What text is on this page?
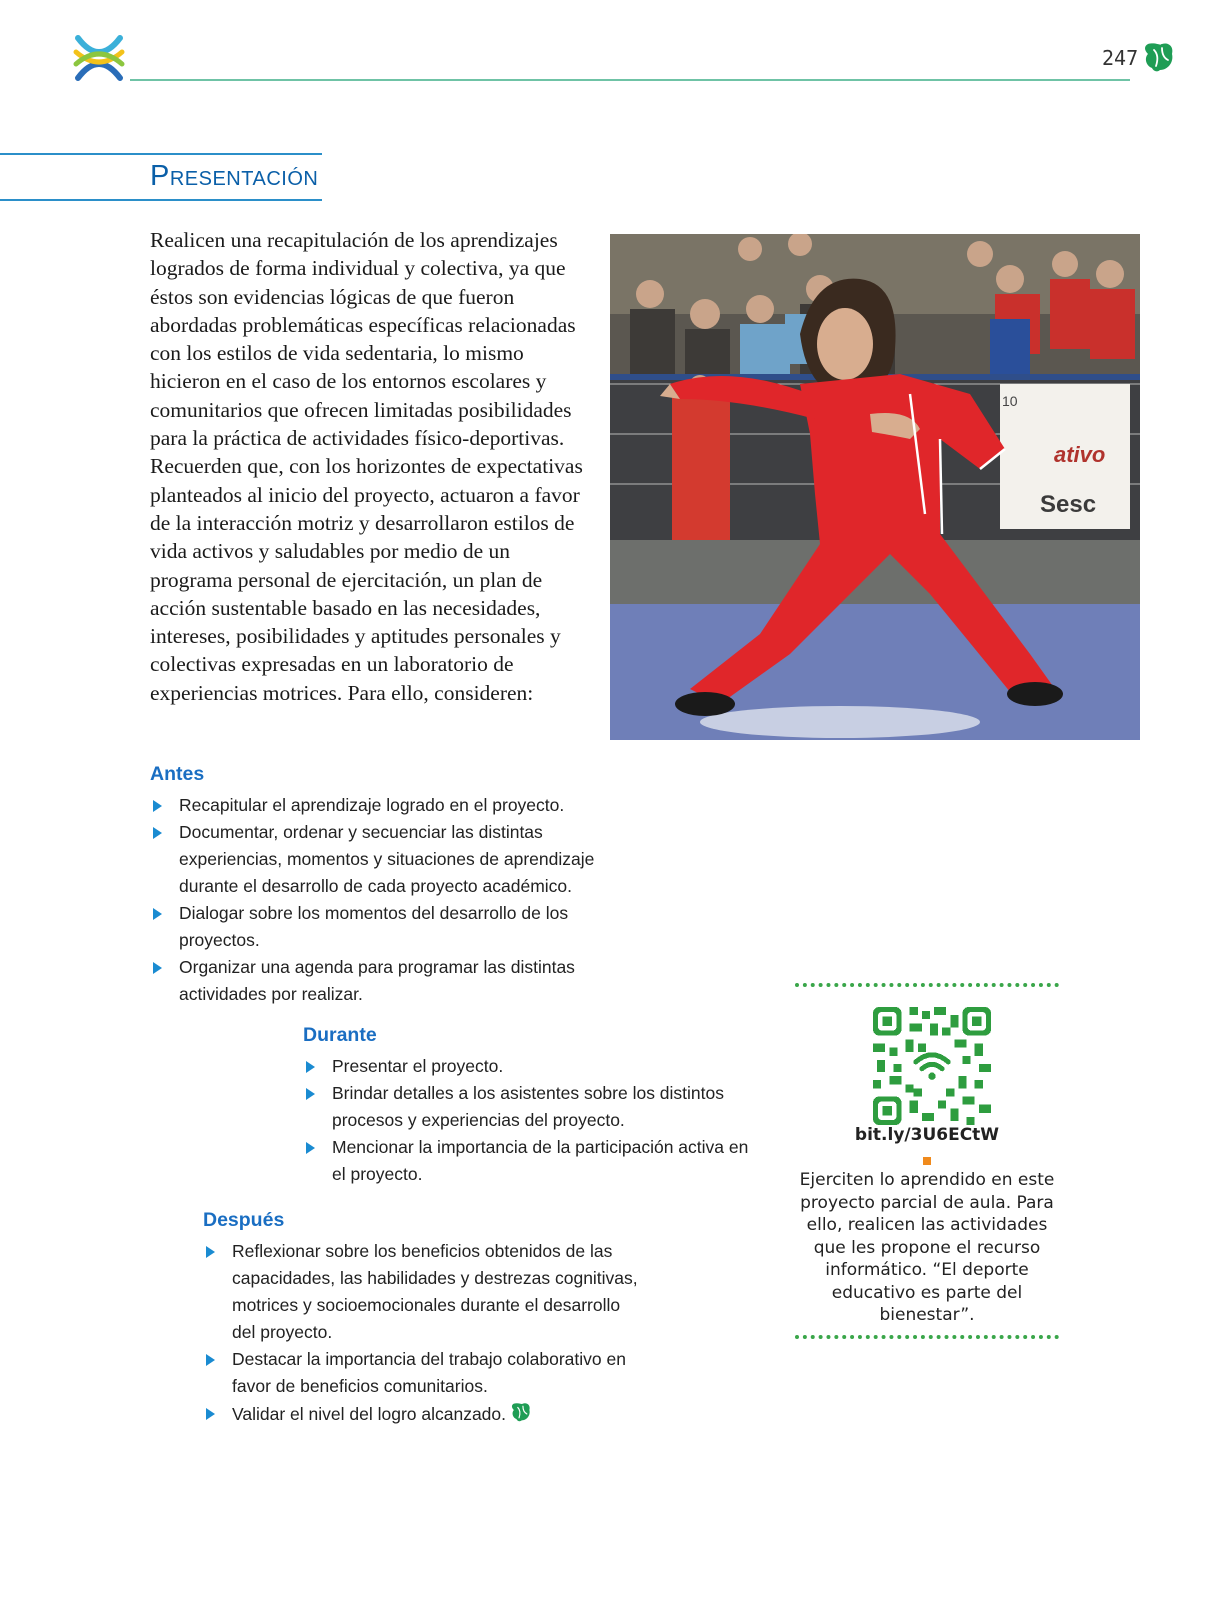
247
Presentación

Realicen una recapitulación de los aprendizajes logrados de forma individual y colectiva, ya que éstos son evidencias lógicas de que fueron abordadas problemáticas específicas relacionadas con los estilos de vida sedentaria, lo mismo hicieron en el caso de los entornos escolares y comunitarios que ofrecen limitadas posibilidades para la práctica de actividades físico-deportivas. Recuerden que, con los horizontes de expectativas planteados al inicio del proyecto, actuaron a favor de la interacción motriz y desarrollaron estilos de vida activos y saludables por medio de un programa personal de ejercitación, un plan de acción sustentable basado en las necesidades, intereses, posibilidades y aptitudes personales y colectivas expresadas en un laboratorio de experiencias motrices. Para ello, consideren:

ativo
Sesc
10
Antes
Recapitular el aprendizaje logrado en el proyecto.
Documentar, ordenar y secuenciar las distintas experiencias, momentos y situaciones de aprendizaje durante el desarrollo de cada proyecto académico.
Dialogar sobre los momentos del desarrollo de los proyectos.
Organizar una agenda para programar las distintas actividades por realizar.
Durante
Presentar el proyecto.
Brindar detalles a los asistentes sobre los distintos procesos y experiencias del proyecto.
Mencionar la importancia de la participación activa en el proyecto.
Después
Reflexionar sobre los beneficios obtenidos de las capacidades, las habilidades y destrezas cognitivas, motrices y socioemocionales durante el desarrollo del proyecto.
Destacar la importancia del trabajo colaborativo en favor de beneficios comunitarios.
Validar el nivel del logro alcanzado.
bit.ly/3U6ECtW
Ejerciten lo aprendido en este proyecto parcial de aula. Para ello, realicen las actividades que les propone el recurso informático. “El deporte educativo es parte del bienestar”.
